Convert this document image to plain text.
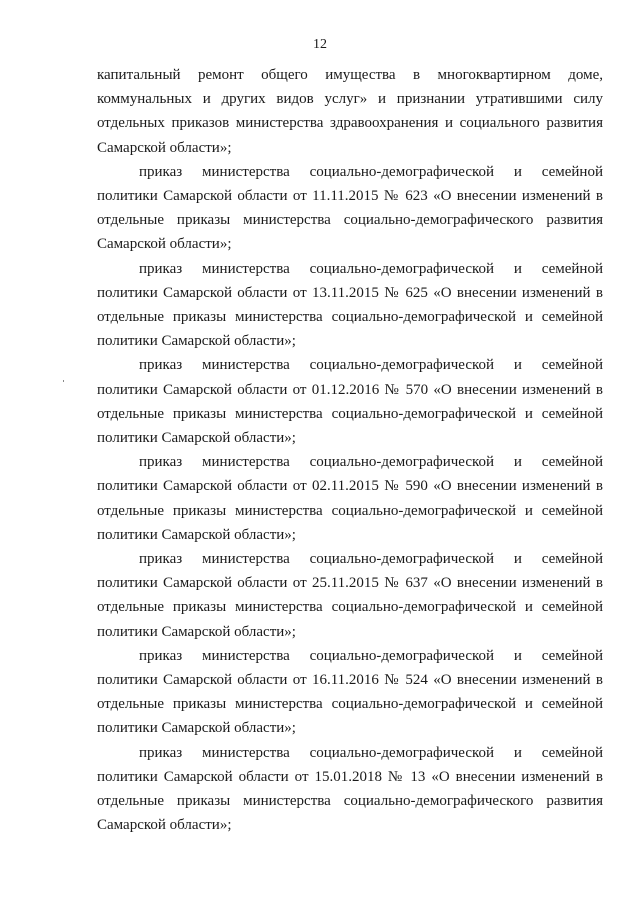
12

капитальный ремонт общего имущества в многоквартирном доме, коммунальных и других видов услуг» и признании утратившими силу отдельных приказов министерства здравоохранения и социального развития Самарской области»;

приказ министерства социально-демографической и семейной политики Самарской области от 11.11.2015 № 623 «О внесении изменений в отдельные приказы министерства социально-демографического развития Самарской области»;

приказ министерства социально-демографической и семейной политики Самарской области от 13.11.2015 № 625 «О внесении изменений в отдельные приказы министерства социально-демографической и семейной политики Самарской области»;

приказ министерства социально-демографической и семейной политики Самарской области от 01.12.2016 № 570 «О внесении изменений в отдельные приказы министерства социально-демографической и семейной политики Самарской области»;

приказ министерства социально-демографической и семейной политики Самарской области от 02.11.2015 № 590 «О внесении изменений в отдельные приказы министерства социально-демографической и семейной политики Самарской области»;

приказ министерства социально-демографической и семейной политики Самарской области от 25.11.2015 № 637 «О внесении изменений в отдельные приказы министерства социально-демографической и семейной политики Самарской области»;

приказ министерства социально-демографической и семейной политики Самарской области от 16.11.2016 № 524 «О внесении изменений в отдельные приказы министерства социально-демографической и семейной политики Самарской области»;

приказ министерства социально-демографической и семейной политики Самарской области от 15.01.2018 № 13 «О внесении изменений в отдельные приказы министерства социально-демографического развития Самарской области»;
